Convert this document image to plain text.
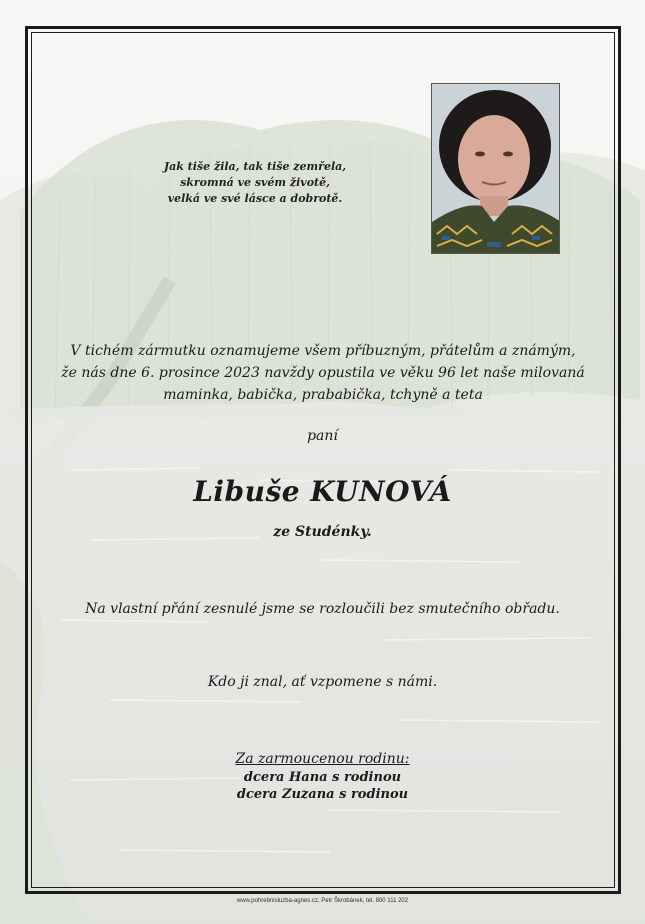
Jak tiše žila, tak tiše zemřela,
skromná ve svém životě,
velká ve své lásce a dobrotě.
V tichém zármutku oznamujeme všem příbuzným, přátelům a známým,
že nás dne 6. prosince 2023 navždy opustila ve věku 96 let naše milovaná
maminka, babička, prababička, tchyně a teta
paní
Libuše KUNOVÁ
ze Studénky.
Na vlastní přání zesnulé jsme se rozloučili bez smutečního obřadu.
Kdo ji znal, ať vzpomene s námi.
Za zarmoucenou rodinu:
dcera Hana s rodinou
dcera Zuzana s rodinou
www.pohrebnisluzba-agnes.cz, Petr Škrobánek, tel. 800 111 202
